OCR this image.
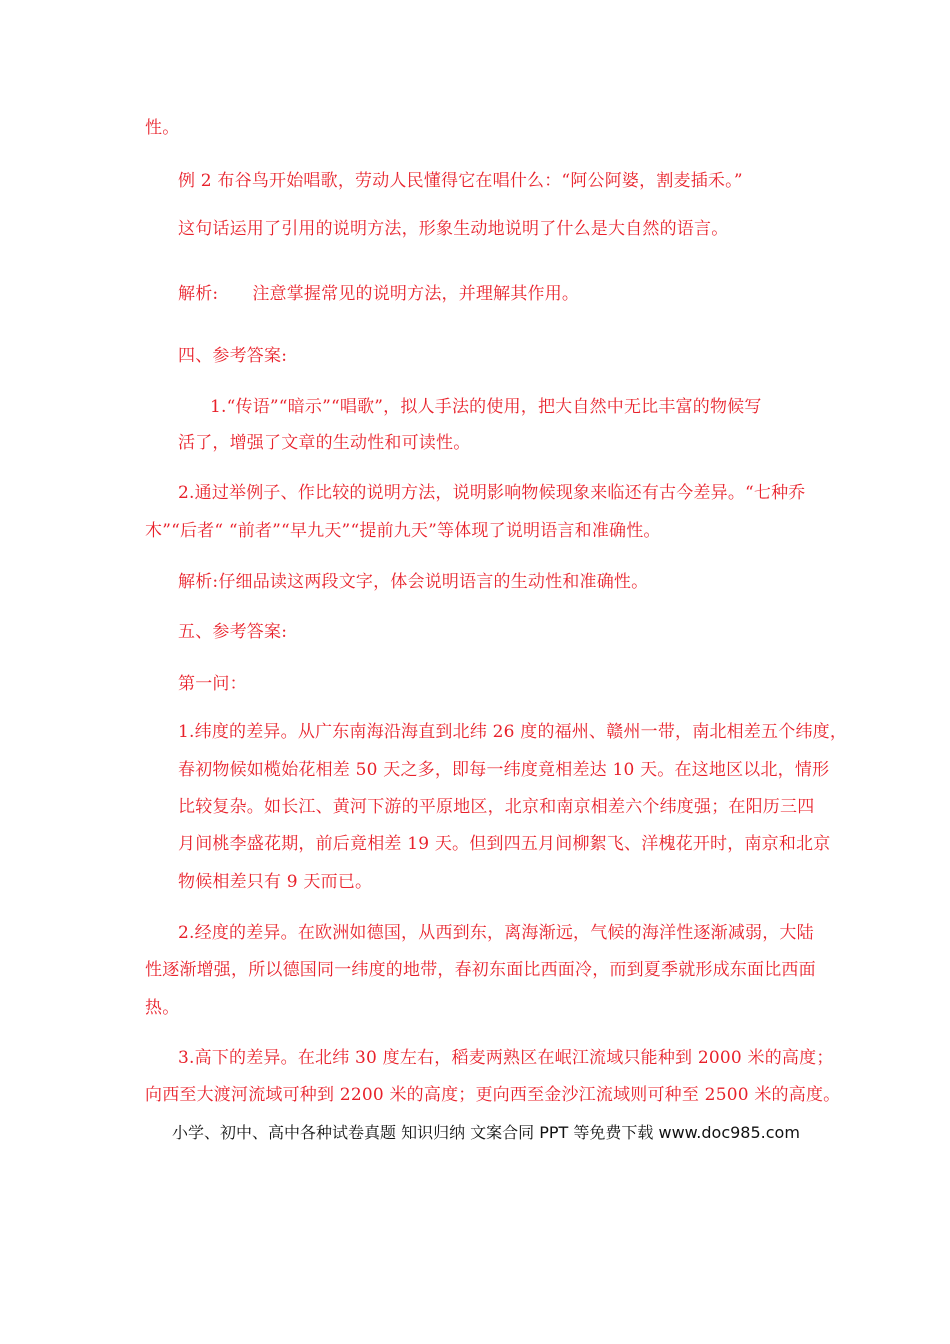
性。

例 2 布谷鸟开始唱歌，劳动人民懂得它在唱什么：“阿公阿婆，割麦插禾。”

这句话运用了引用的说明方法，形象生动地说明了什么是大自然的语言。

解析: 注意掌握常见的说明方法，并理解其作用。

四、参考答案:

1.“传语”“暗示”“唱歌”，拟人手法的使用，把大自然中无比丰富的物候写

活了，增强了文章的生动性和可读性。

2.通过举例子、作比较的说明方法，说明影响物候现象来临还有古今差异。“七种乔

木”“后者“ “前者”“早九天”“提前九天”等体现了说明语言和准确性。

解析:仔细品读这两段文字，体会说明语言的生动性和准确性。

五、参考答案:

第一问：

1.纬度的差异。从广东南海沿海直到北纬 26 度的福州、赣州一带，南北相差五个纬度，

春初物候如榄始花相差 50 天之多，即每一纬度竟相差达 10 天。在这地区以北，情形

比较复杂。如长江、黄河下游的平原地区，北京和南京相差六个纬度强；在阳历三四

月间桃李盛花期，前后竟相差 19 天。但到四五月间柳絮飞、洋槐花开时，南京和北京

物候相差只有 9 天而已。

2.经度的差异。在欧洲如德国，从西到东，离海渐远，气候的海洋性逐渐减弱，大陆

性逐渐增强，所以德国同一纬度的地带，春初东面比西面冷，而到夏季就形成东面比西面

热。

3.高下的差异。在北纬 30 度左右，稻麦两熟区在岷江流域只能种到 2000 米的高度；

向西至大渡河流域可种到 2200 米的高度；更向西至金沙江流域则可种至 2500 米的高度。

小学、初中、高中各种试卷真题 知识归纳 文案合同 PPT 等免费下载 www.doc985.com
